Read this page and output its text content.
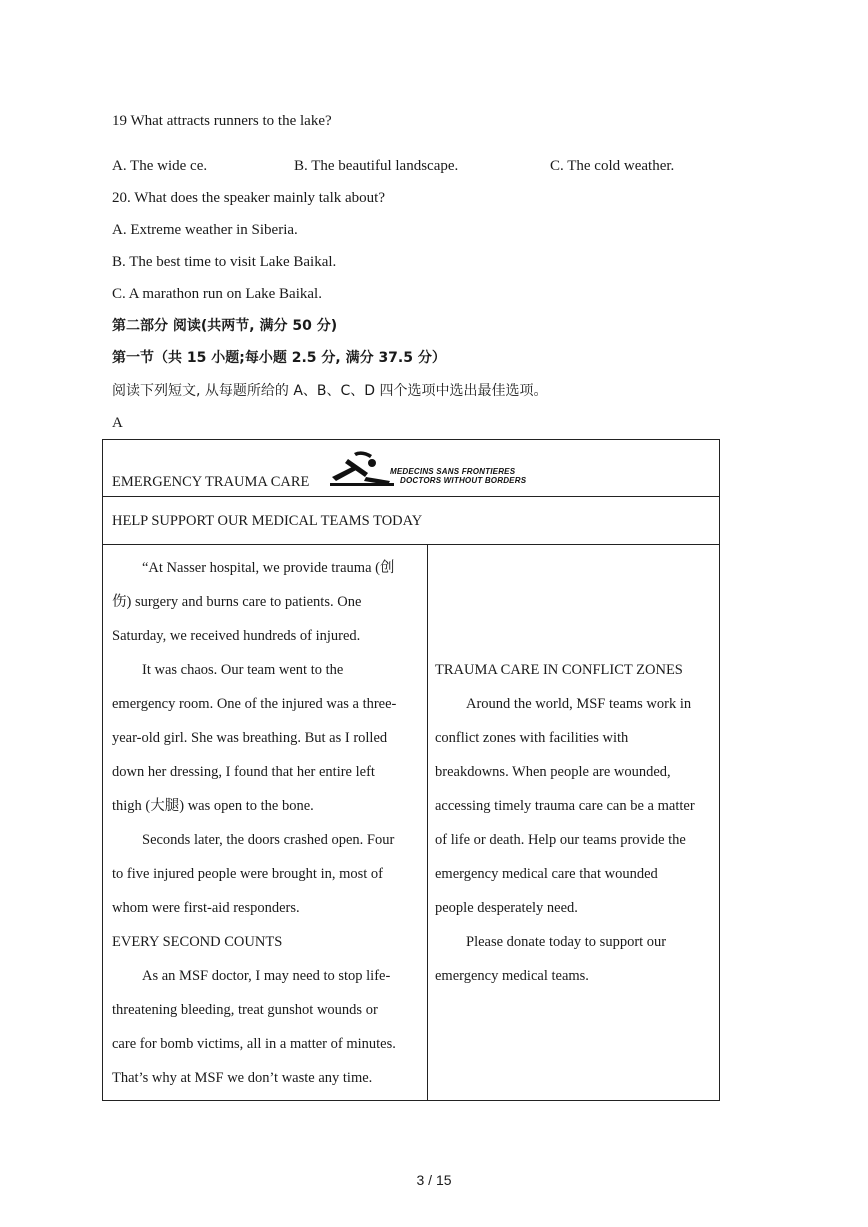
19 What attracts runners to the lake?
A. The wide ce.	B. The beautiful landscape.	C. The cold weather.
20. What does the speaker mainly talk about?
A. Extreme weather in Siberia.
B. The best time to visit Lake Baikal.
C. A marathon run on Lake Baikal.
第二部分 阅读(共两节, 满分 50 分)
第一节（共 15 小题;每小题 2.5 分, 满分 37.5 分）
阅读下列短文, 从每题所给的 A、B、C、D 四个选项中选出最佳选项。
A
EMERGENCY TRAUMA CARE
MEDECINS SANS FRONTIERES
DOCTORS WITHOUT BORDERS
HELP SUPPORT OUR MEDICAL TEAMS TODAY
“At Nasser hospital, we provide trauma (创
伤) surgery and burns care to patients. One
Saturday, we received hundreds of injured.
It was chaos. Our team went to the
emergency room. One of the injured was a three-
year-old girl. She was breathing. But as I rolled
down her dressing, I found that her entire left
thigh (大腿) was open to the bone.
Seconds later, the doors crashed open. Four
to five injured people were brought in, most of
whom were first-aid responders.
EVERY SECOND COUNTS
As an MSF doctor, I may need to stop life-
threatening bleeding, treat gunshot wounds or
care for bomb victims, all in a matter of minutes.
That’s why at MSF we don’t waste any time.
TRAUMA CARE IN CONFLICT ZONES
Around the world, MSF teams work in
conflict zones with facilities with
breakdowns. When people are wounded,
accessing timely trauma care can be a matter
of life or death. Help our teams provide the
emergency medical care that wounded
people desperately need.
Please donate today to support our
emergency medical teams.
3 / 15
